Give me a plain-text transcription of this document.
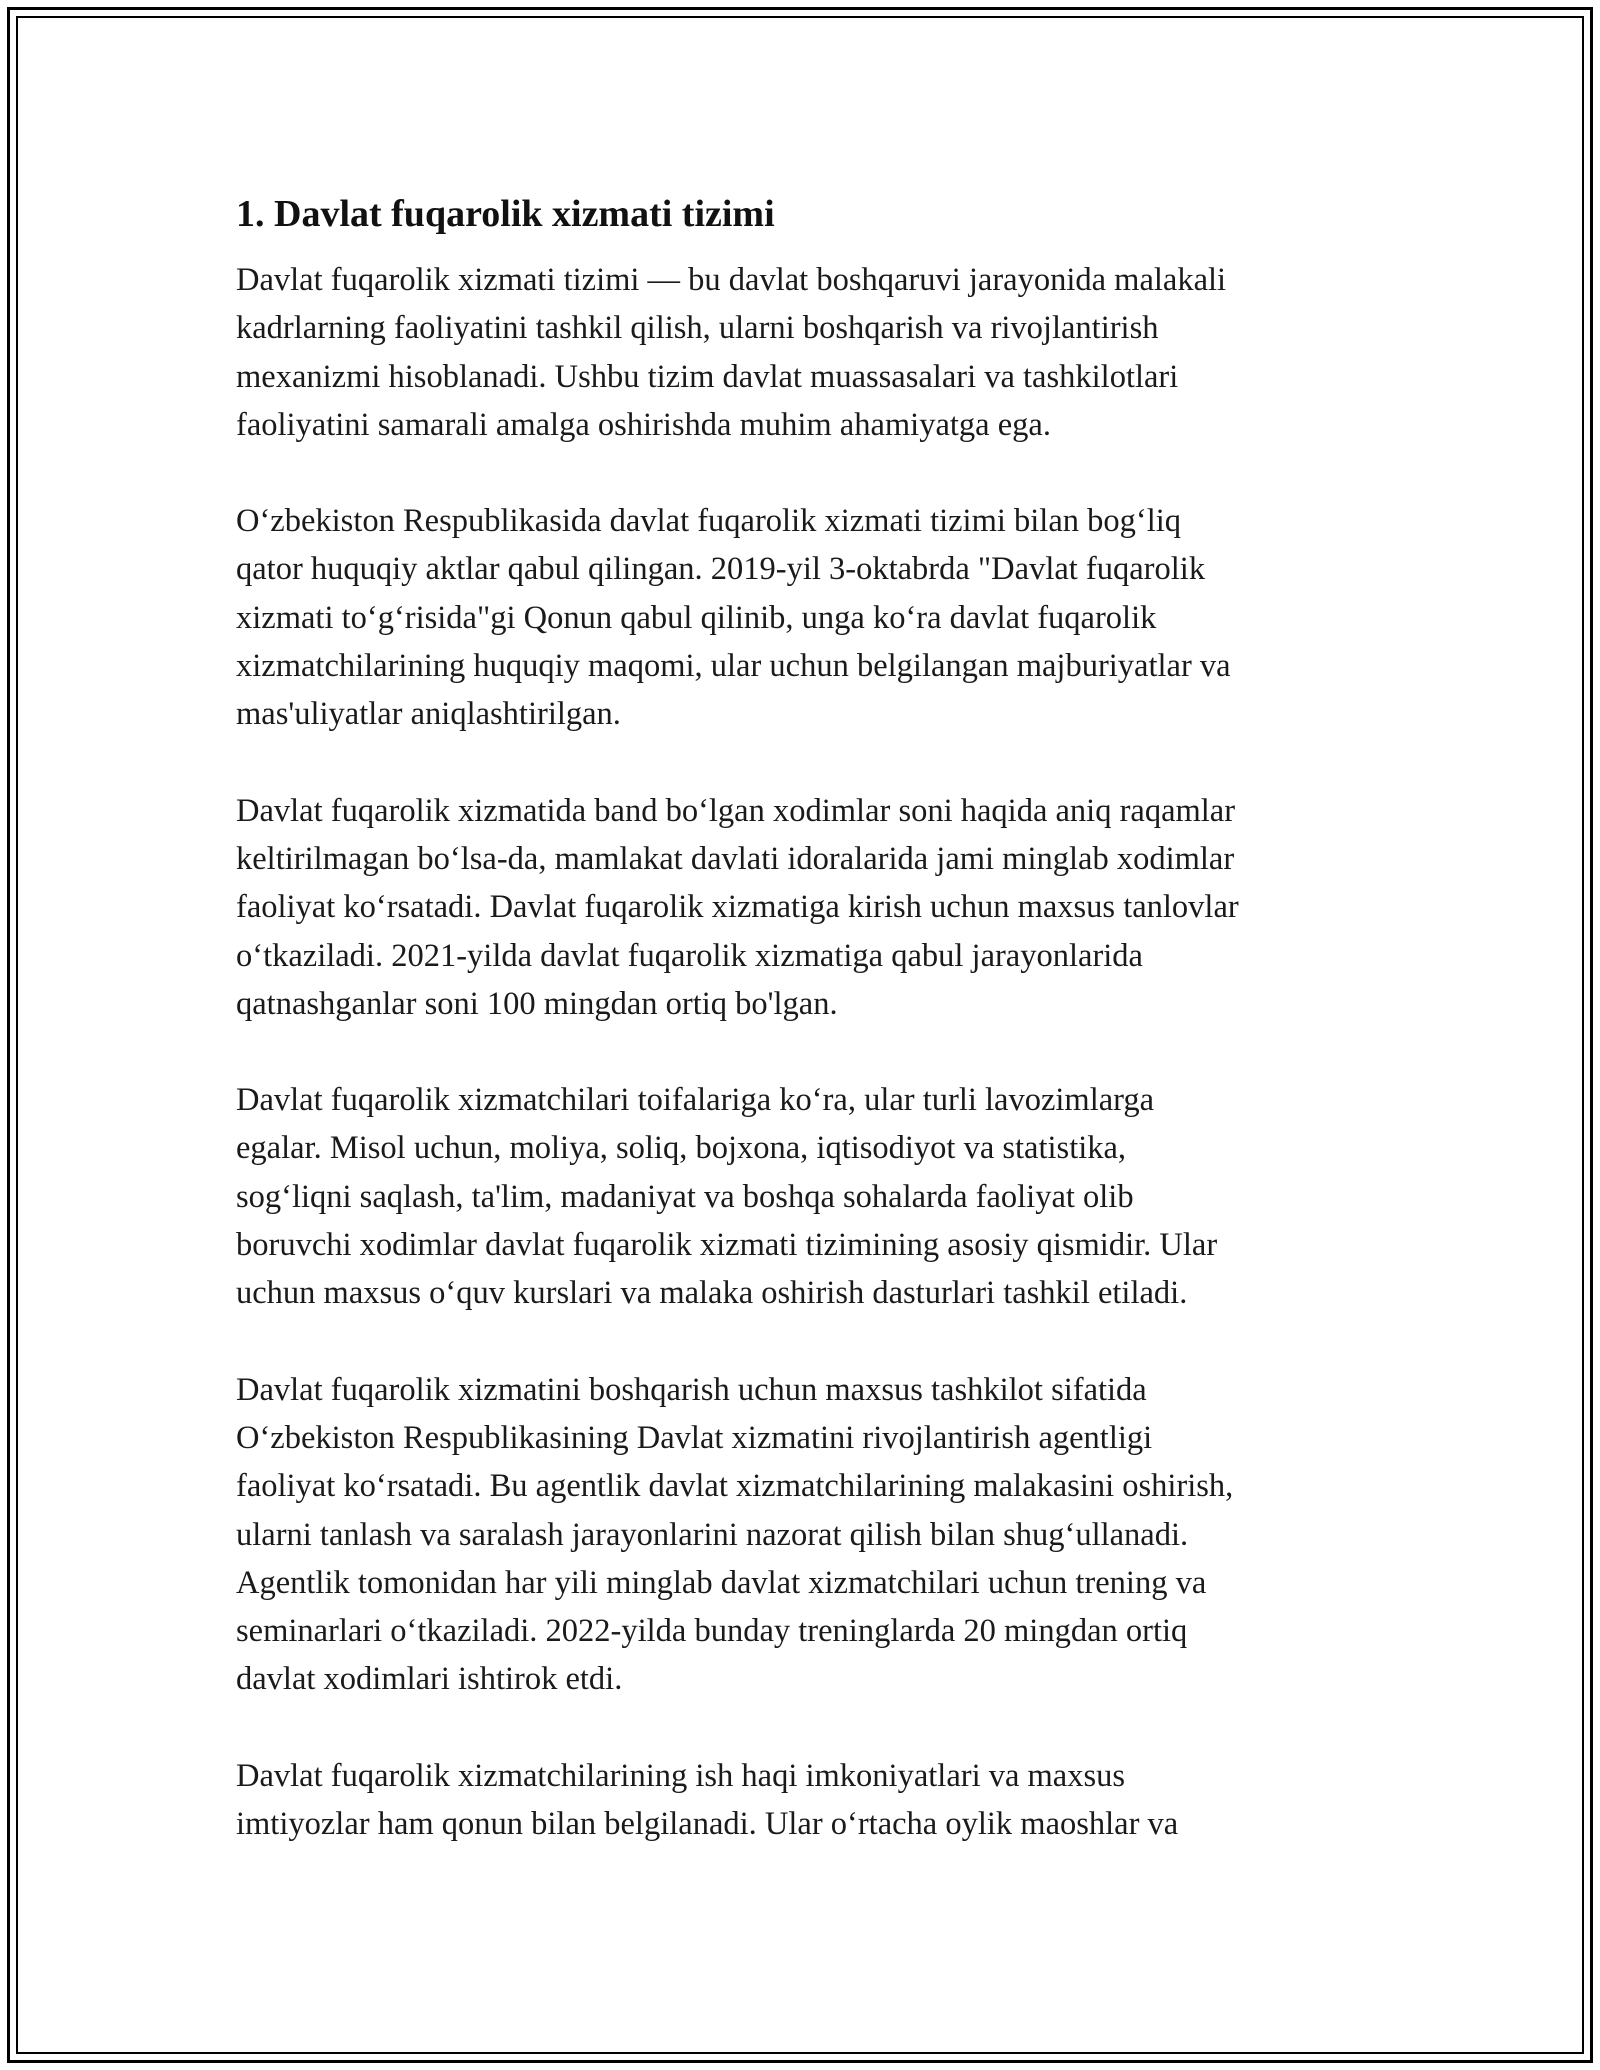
1. Davlat fuqarolik xizmati tizimi
Davlat fuqarolik xizmati tizimi — bu davlat boshqaruvi jarayonida malakali
kadrlarning faoliyatini tashkil qilish, ularni boshqarish va rivojlantirish
mexanizmi hisoblanadi. Ushbu tizim davlat muassasalari va tashkilotlari
faoliyatini samarali amalga oshirishda muhim ahamiyatga ega.
O‘zbekiston Respublikasida davlat fuqarolik xizmati tizimi bilan bog‘liq
qator huquqiy aktlar qabul qilingan. 2019-yil 3-oktabrda "Davlat fuqarolik
xizmati to‘g‘risida"gi Qonun qabul qilinib, unga ko‘ra davlat fuqarolik
xizmatchilarining huquqiy maqomi, ular uchun belgilangan majburiyatlar va
mas'uliyatlar aniqlashtirilgan.
Davlat fuqarolik xizmatida band bo‘lgan xodimlar soni haqida aniq raqamlar
keltirilmagan bo‘lsa-da, mamlakat davlati idoralarida jami minglab xodimlar
faoliyat ko‘rsatadi. Davlat fuqarolik xizmatiga kirish uchun maxsus tanlovlar
o‘tkaziladi. 2021-yilda davlat fuqarolik xizmatiga qabul jarayonlarida
qatnashganlar soni 100 mingdan ortiq bo'lgan.
Davlat fuqarolik xizmatchilari toifalariga ko‘ra, ular turli lavozimlarga
egalar. Misol uchun, moliya, soliq, bojxona, iqtisodiyot va statistika,
sog‘liqni saqlash, ta'lim, madaniyat va boshqa sohalarda faoliyat olib
boruvchi xodimlar davlat fuqarolik xizmati tizimining asosiy qismidir. Ular
uchun maxsus o‘quv kurslari va malaka oshirish dasturlari tashkil etiladi.
Davlat fuqarolik xizmatini boshqarish uchun maxsus tashkilot sifatida
O‘zbekiston Respublikasining Davlat xizmatini rivojlantirish agentligi
faoliyat ko‘rsatadi. Bu agentlik davlat xizmatchilarining malakasini oshirish,
ularni tanlash va saralash jarayonlarini nazorat qilish bilan shug‘ullanadi.
Agentlik tomonidan har yili minglab davlat xizmatchilari uchun trening va
seminarlari o‘tkaziladi. 2022-yilda bunday treninglarda 20 mingdan ortiq
davlat xodimlari ishtirok etdi.
Davlat fuqarolik xizmatchilarining ish haqi imkoniyatlari va maxsus
imtiyozlar ham qonun bilan belgilanadi. Ular o‘rtacha oylik maoshlar va
